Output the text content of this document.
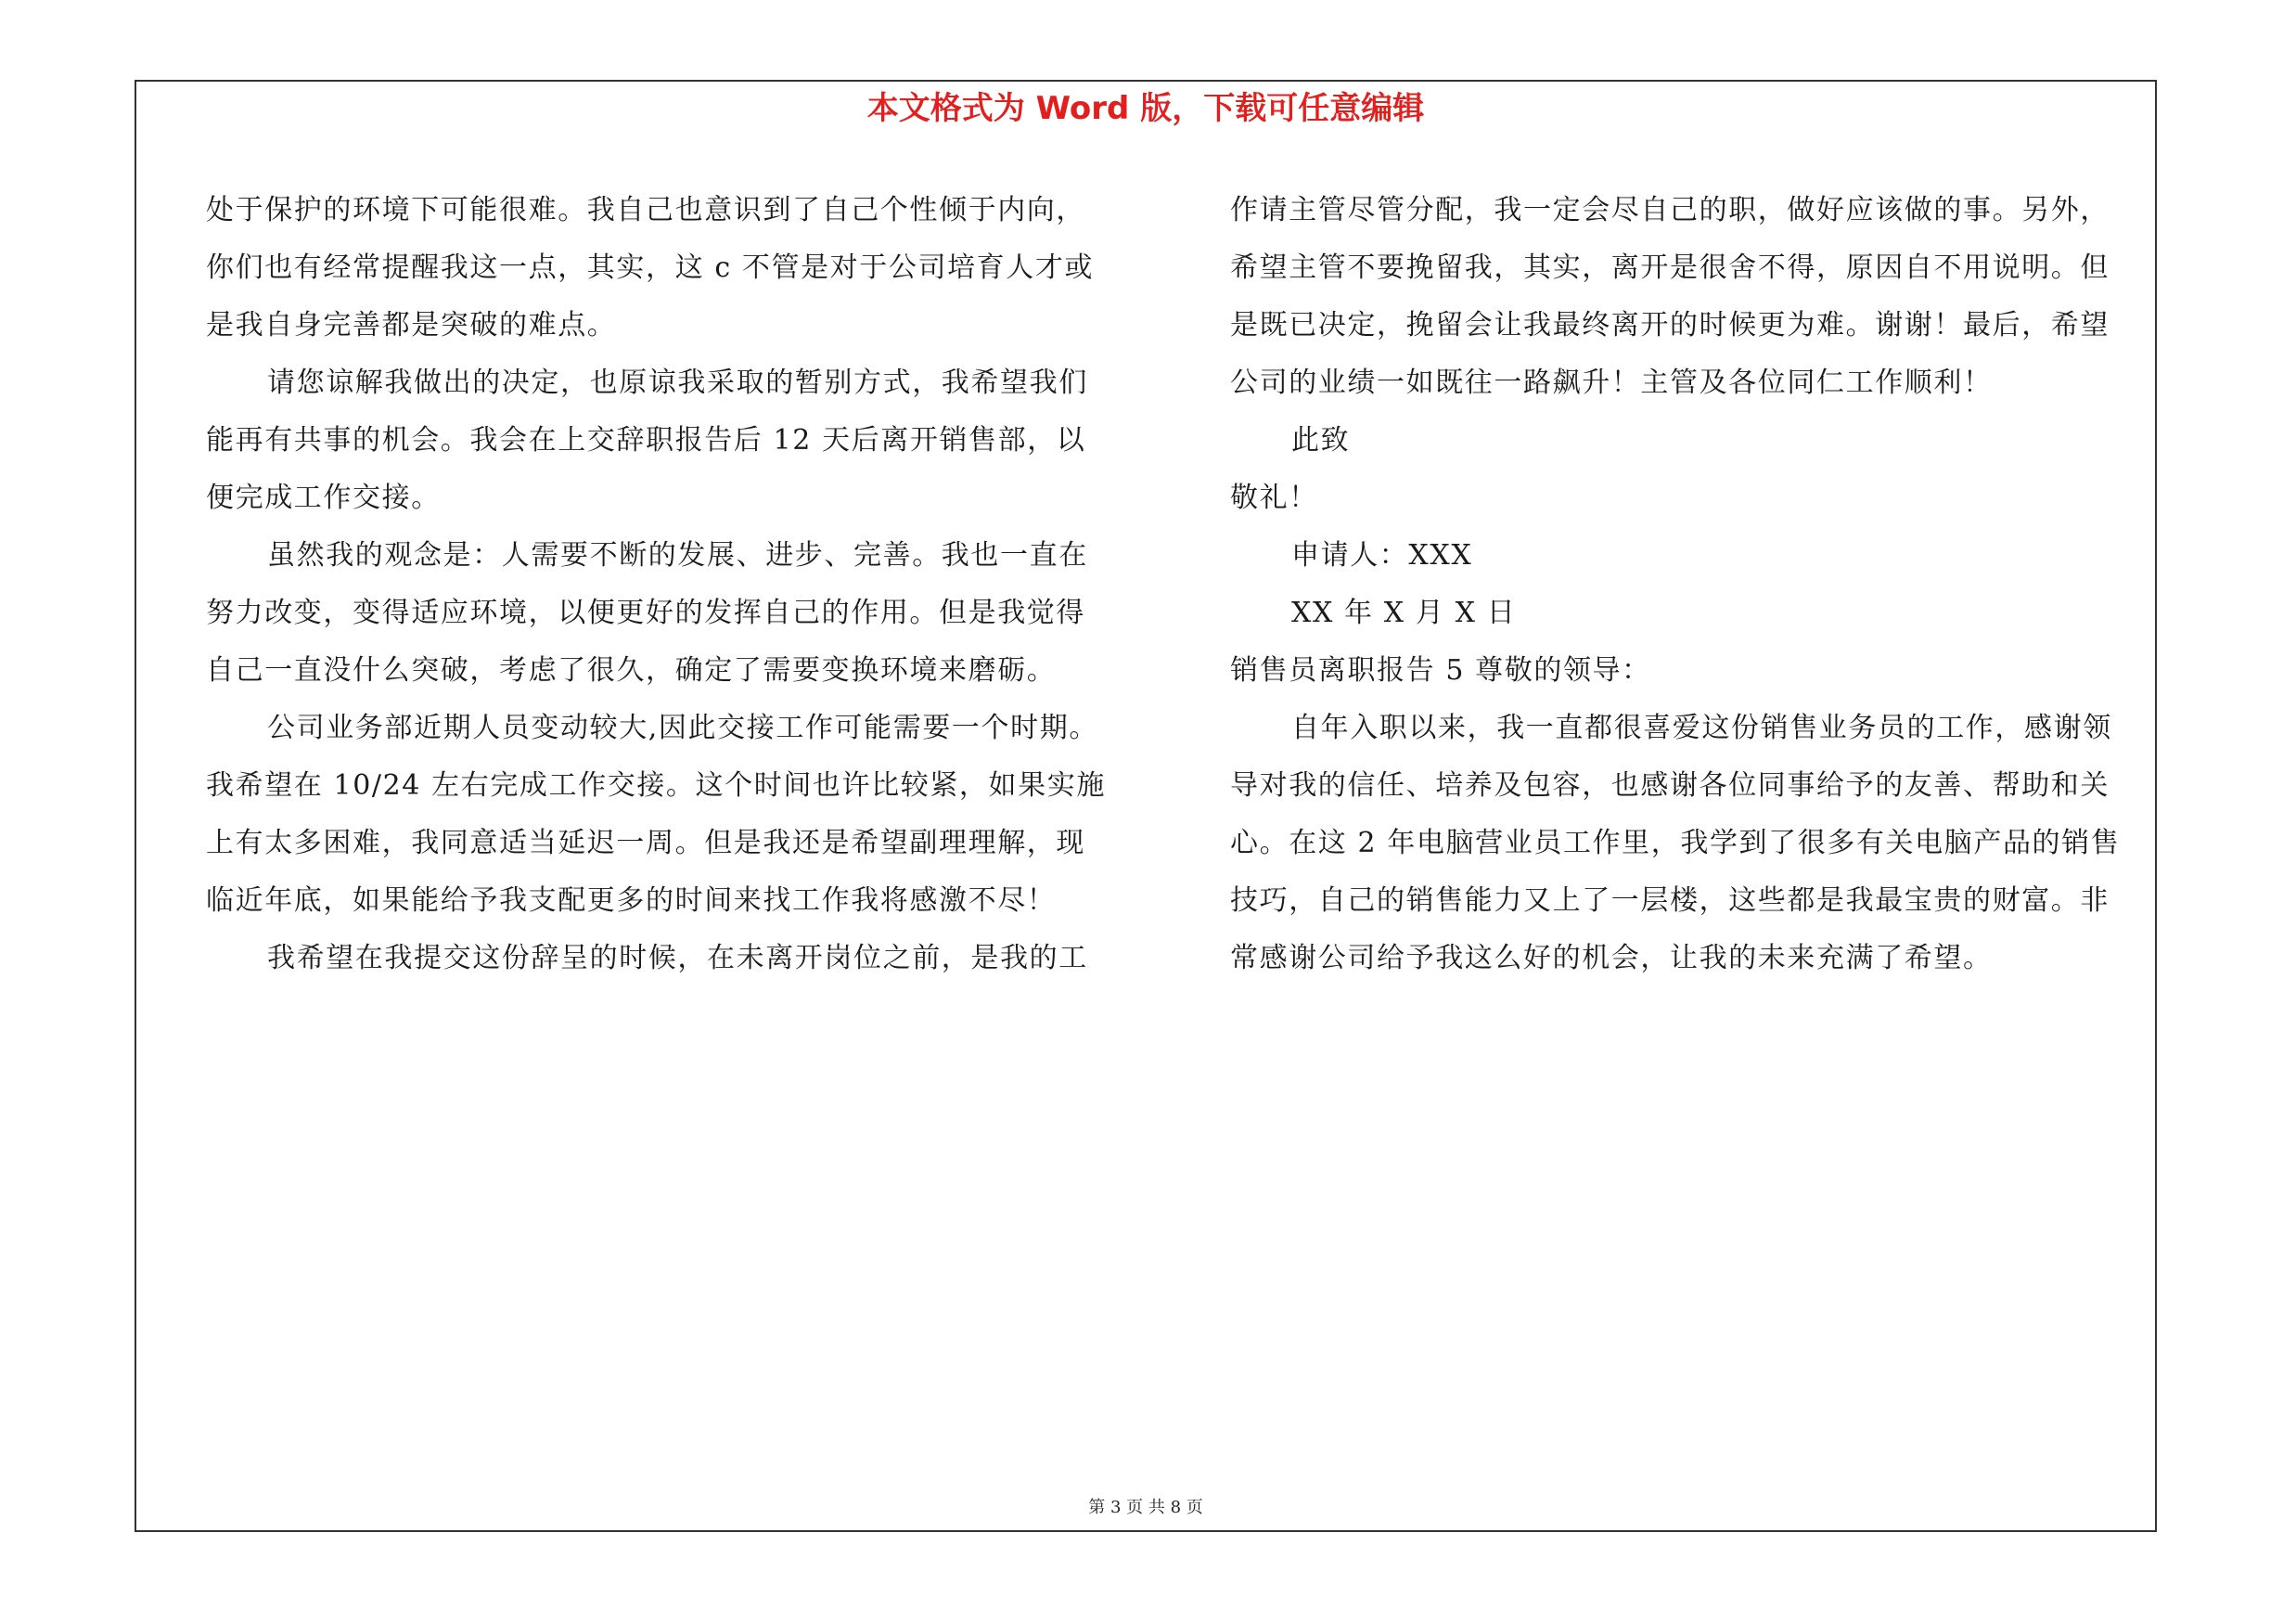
本文格式为 Word 版，下载可任意编辑
处于保护的环境下可能很难。我自己也意识到了自己个性倾于内向，
你们也有经常提醒我这一点，其实，这 c 不管是对于公司培育人才或
是我自身完善都是突破的难点。
请您谅解我做出的决定，也原谅我采取的暂别方式，我希望我们
能再有共事的机会。我会在上交辞职报告后 12 天后离开销售部，以
便完成工作交接。
虽然我的观念是：人需要不断的发展、进步、完善。我也一直在
努力改变，变得适应环境，以便更好的发挥自己的作用。但是我觉得
自己一直没什么突破，考虑了很久，确定了需要变换环境来磨砺。
公司业务部近期人员变动较大,因此交接工作可能需要一个时期。
我希望在 10/24 左右完成工作交接。这个时间也许比较紧，如果实施
上有太多困难，我同意适当延迟一周。但是我还是希望副理理解，现
临近年底，如果能给予我支配更多的时间来找工作我将感激不尽！
我希望在我提交这份辞呈的时候，在未离开岗位之前，是我的工
作请主管尽管分配，我一定会尽自己的职，做好应该做的事。另外，
希望主管不要挽留我，其实，离开是很舍不得，原因自不用说明。但
是既已决定，挽留会让我最终离开的时候更为难。谢谢！最后，希望
公司的业绩一如既往一路飙升！主管及各位同仁工作顺利！
此致
敬礼！
申请人：XXX
XX 年 X 月 X 日
销售员离职报告 5 尊敬的领导：
自年入职以来，我一直都很喜爱这份销售业务员的工作，感谢领
导对我的信任、培养及包容，也感谢各位同事给予的友善、帮助和关
心。在这 2 年电脑营业员工作里，我学到了很多有关电脑产品的销售
技巧，自己的销售能力又上了一层楼，这些都是我最宝贵的财富。非
常感谢公司给予我这么好的机会，让我的未来充满了希望。
第 3 页 共 8 页
